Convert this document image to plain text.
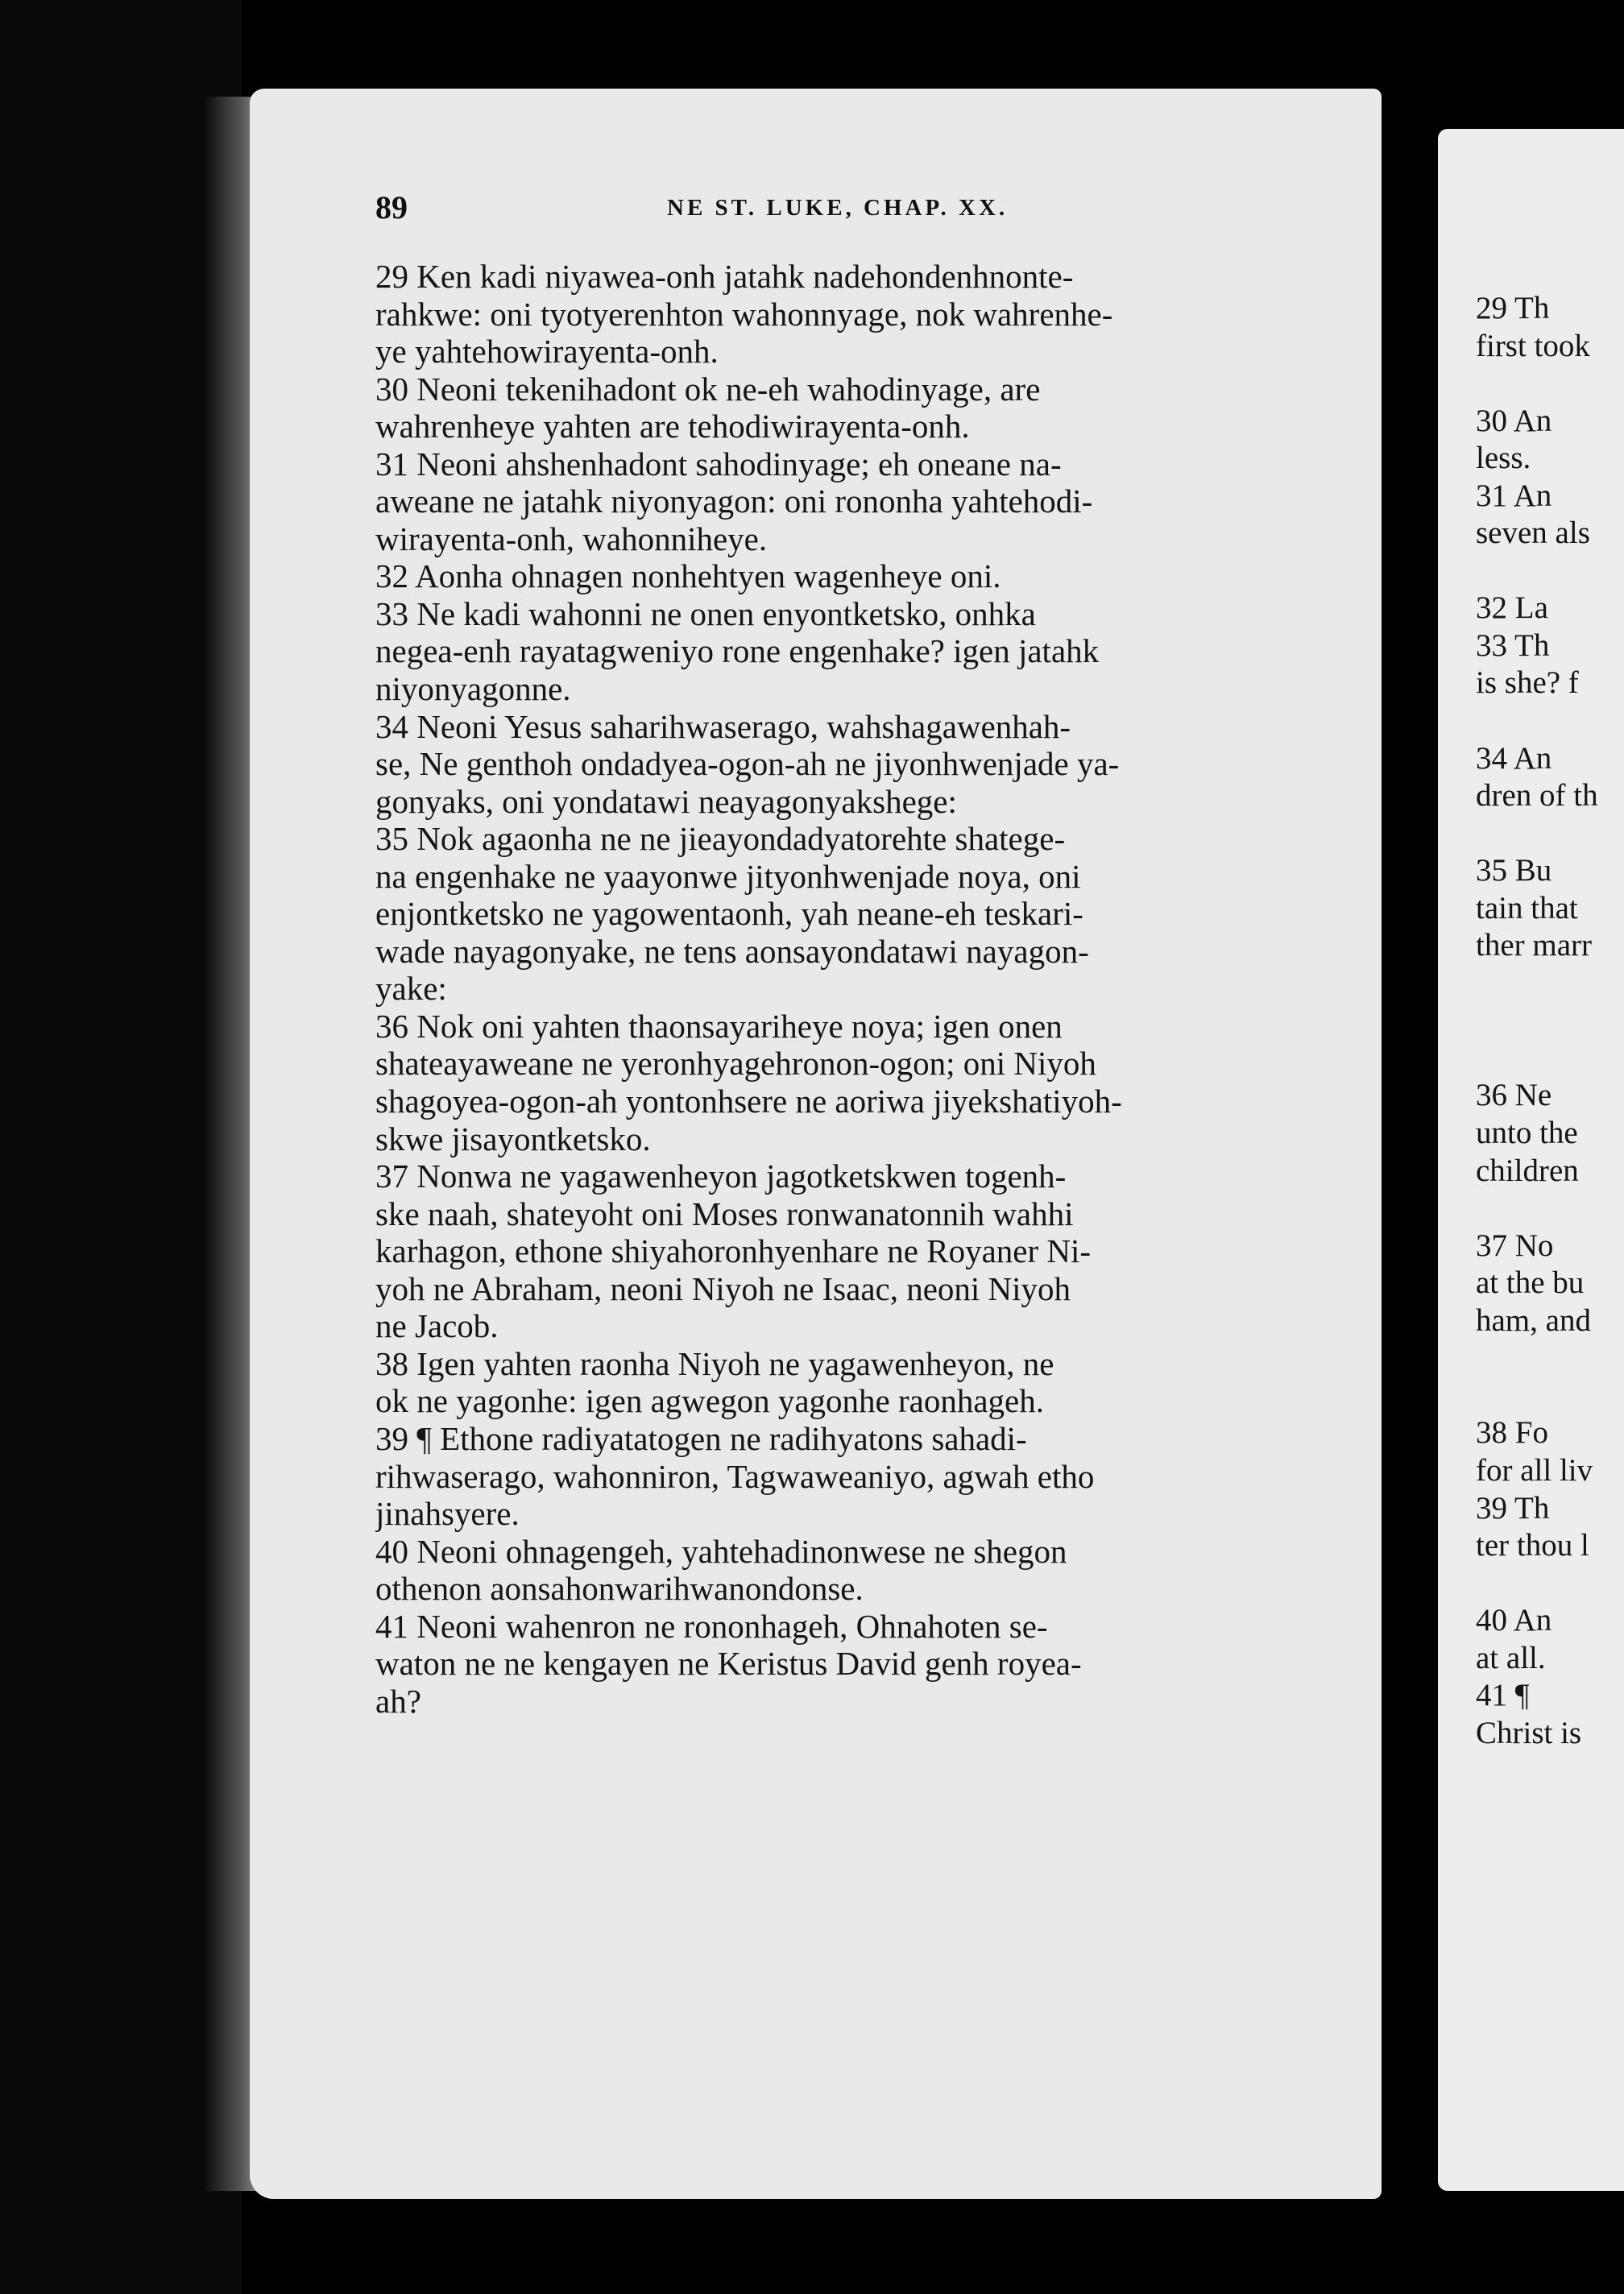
89	NE ST. LUKE, CHAP. XX.
29 Ken kadi niyawea-onh jatahk nadehondenhnonte-
rahkwe: oni tyotyerenhton wahonnyage, nok wahrenhe-
ye yahtehowirayenta-onh.
30 Neoni tekenihadont ok ne-eh wahodinyage, are
wahrenheye yahten are tehodiwirayenta-onh.
31 Neoni ahshenhadont sahodinyage; eh oneane na-
aweane ne jatahk niyonyagon: oni rononha yahtehodi-
wirayenta-onh, wahonniheye.
32 Aonha ohnagen nonhehtyen wagenheye oni.
33 Ne kadi wahonni ne onen enyontketsko, onhka
negea-enh rayatagweniyo rone engenhake? igen jatahk
niyonyagonne.
34 Neoni Yesus saharihwaserago, wahshagawenhah-
se, Ne genthoh ondadyea-ogon-ah ne jiyonhwenjade ya-
gonyaks, oni yondatawi neayagonyakshege:
35 Nok agaonha ne ne jieayondadyatorehte shatege-
na engenhake ne yaayonwe jityonhwenjade noya, oni
enjontketsko ne yagowentaonh, yah neane-eh teskari-
wade nayagonyake, ne tens aonsayondatawi nayagon-
yake:
36 Nok oni yahten thaonsayariheye noya; igen onen
shateayaweane ne yeronhyagehronon-ogon; oni Niyoh
shagoyea-ogon-ah yontonhsere ne aoriwa jiyekshatiyoh-
skwe jisayontketsko.
37 Nonwa ne yagawenheyon jagotketskwen togenh-
ske naah, shateyoht oni Moses ronwanatonnih wahhi
karhagon, ethone shiyahoronhyenhare ne Royaner Ni-
yoh ne Abraham, neoni Niyoh ne Isaac, neoni Niyoh
ne Jacob.
38 Igen yahten raonha Niyoh ne yagawenheyon, ne
ok ne yagonhe: igen agwegon yagonhe raonhageh.
39 ¶ Ethone radiyatatogen ne radihyatons sahadi-
rihwaserago, wahonniron, Tagwaweaniyo, agwah etho
jinahsyere.
40 Neoni ohnagengeh, yahtehadinonwese ne shegon
othenon aonsahonwarihwanondonse.
41 Neoni wahenron ne rononhageh, Ohnahoten se-
waton ne ne kengayen ne Keristus David genh royea-
ah?
29 Th
first took
30 An
less.
31 An
seven als
32 La
33 Th
is she? f
34 An
dren of th
35 Bu
tain that
ther marr
36 Ne
unto the
children
37 No
at the bu
ham, and
38 Fo
for all liv
39 Th
ter thou l
40 An
at all.
41 ¶
Christ is
